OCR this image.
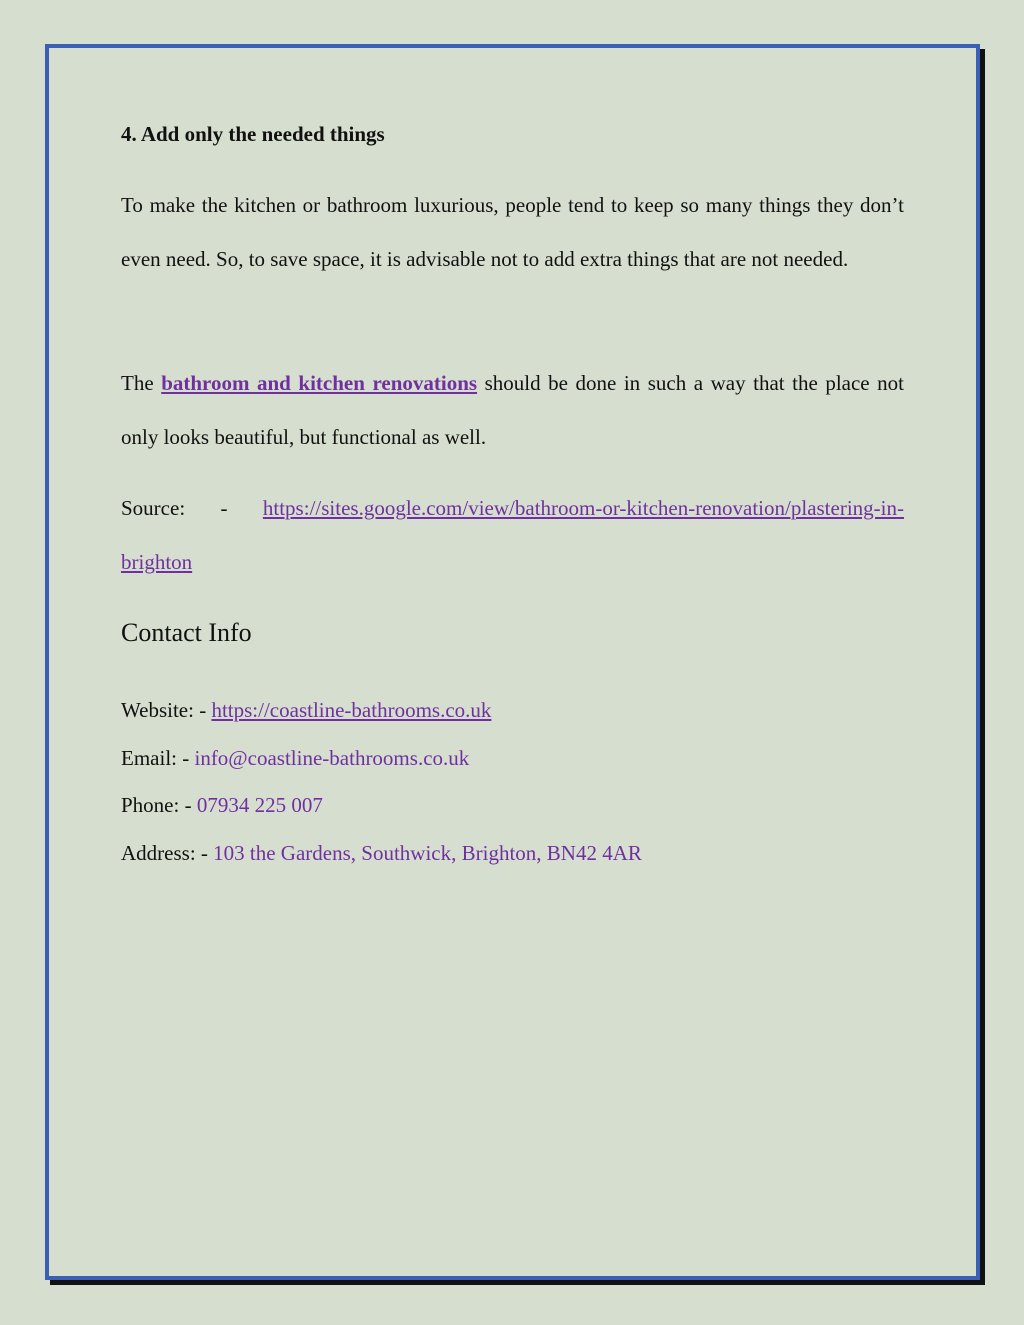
4. Add only the needed things

To make the kitchen or bathroom luxurious, people tend to keep so many things they don’t even need. So, to save space, it is advisable not to add extra things that are not needed.

The bathroom and kitchen renovations should be done in such a way that the place not only looks beautiful, but functional as well.

Source: - https://sites.google.com/view/bathroom-or-kitchen-renovation/plastering-in-brighton

Contact Info

Website: - https://coastline-bathrooms.co.uk

Email: - info@coastline-bathrooms.co.uk

Phone: - 07934 225 007

Address: - 103 the Gardens, Southwick, Brighton, BN42 4AR
